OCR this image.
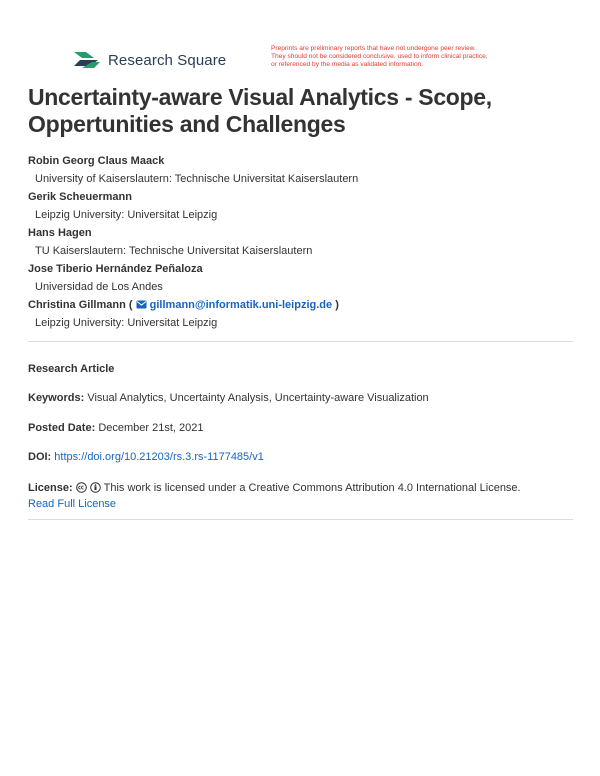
Research Square
Preprints are preliminary reports that have not undergone peer review.
They should not be considered conclusive, used to inform clinical practice,
or referenced by the media as validated information.
Uncertainty-aware Visual Analytics - Scope, Oppertunities and Challenges
Robin Georg Claus Maack
University of Kaiserslautern: Technische Universitat Kaiserslautern
Gerik Scheuermann
Leipzig University: Universitat Leipzig
Hans Hagen
TU Kaiserslautern: Technische Universitat Kaiserslautern
Jose Tiberio Hernández Peñaloza
Universidad de Los Andes
Christina Gillmann ( gillmann@informatik.uni-leipzig.de )
Leipzig University: Universitat Leipzig
Research Article
Keywords: Visual Analytics, Uncertainty Analysis, Uncertainty-aware Visualization
Posted Date: December 21st, 2021
DOI: https://doi.org/10.21203/rs.3.rs-1177485/v1
License:	This work is licensed under a Creative Commons Attribution 4.0 International License.
Read Full License
